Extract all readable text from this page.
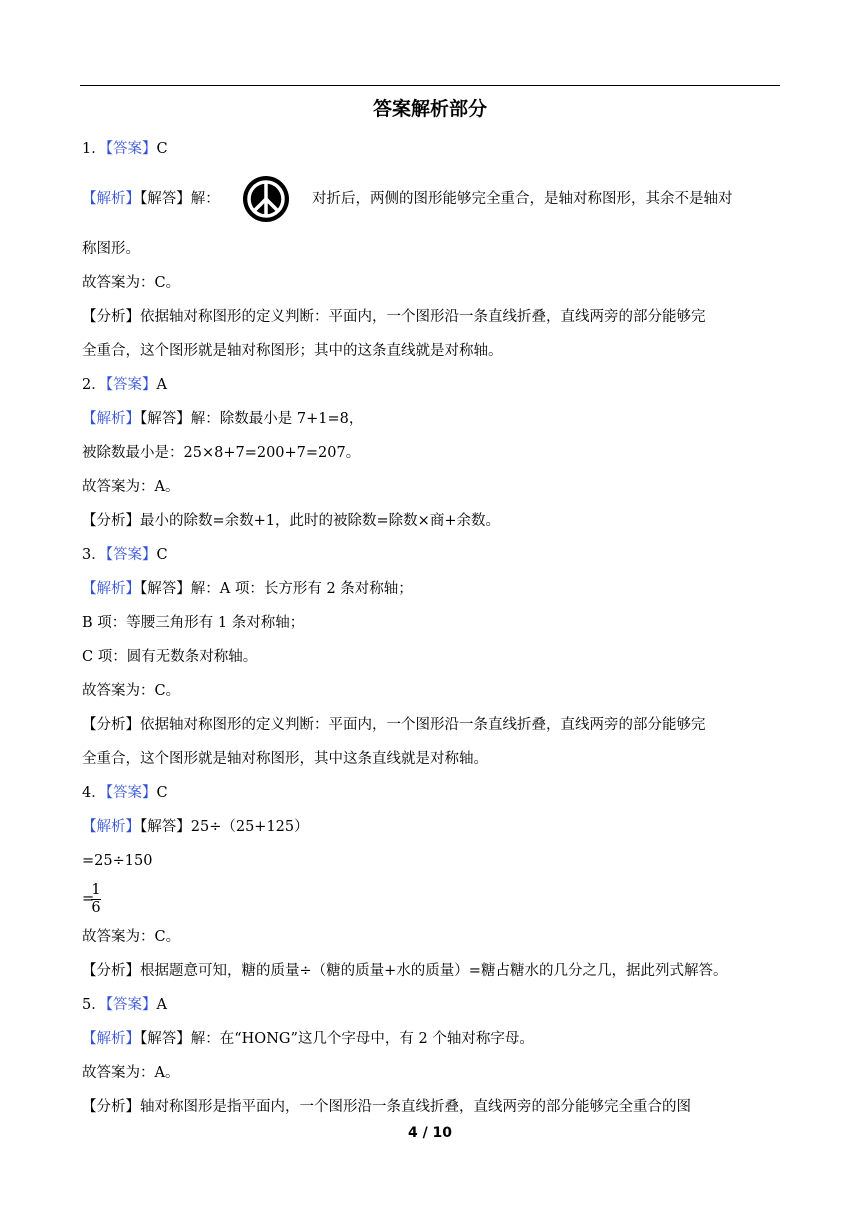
答案解析部分
1．【答案】C
【解析】【解答】解：	对折后，两侧的图形能够完全重合，是轴对称图形，其余不是轴对
称图形。
故答案为：C。
【分析】依据轴对称图形的定义判断：平面内，一个图形沿一条直线折叠，直线两旁的部分能够完
全重合，这个图形就是轴对称图形；其中的这条直线就是对称轴。
2．【答案】A
【解析】【解答】解：除数最小是 7+1=8，
被除数最小是：25×8+7=200+7=207。
故答案为：A。
【分析】最小的除数=余数+1，此时的被除数=除数×商+余数。
3．【答案】C
【解析】【解答】解：A 项：长方形有 2 条对称轴；
B 项：等腰三角形有 1 条对称轴；
C 项：圆有无数条对称轴。
故答案为：C。
【分析】依据轴对称图形的定义判断：平面内，一个图形沿一条直线折叠，直线两旁的部分能够完
全重合，这个图形就是轴对称图形，其中这条直线就是对称轴。
4．【答案】C
【解析】【解答】25÷（25+125）
=25÷150
=
1
6
故答案为：C。
【分析】根据题意可知，糖的质量÷（糖的质量+水的质量）=糖占糖水的几分之几，据此列式解答。
5．【答案】A
【解析】【解答】解：在“HONG”这几个字母中，有 2 个轴对称字母。
故答案为：A。
【分析】轴对称图形是指平面内，一个图形沿一条直线折叠，直线两旁的部分能够完全重合的图
4 / 10
